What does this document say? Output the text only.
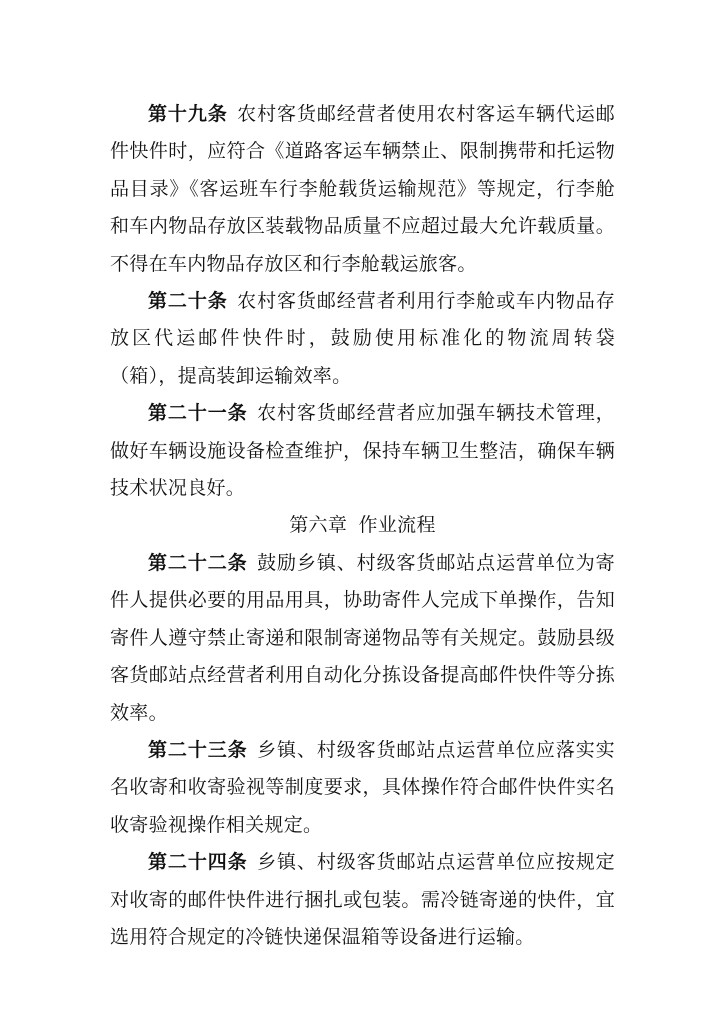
第十九条 农村客货邮经营者使用农村客运车辆代运邮件快件时，应符合《道路客运车辆禁止、限制携带和托运物品目录》《客运班车行李舱载货运输规范》等规定，行李舱和车内物品存放区装载物品质量不应超过最大允许载质量。不得在车内物品存放区和行李舱载运旅客。

第二十条 农村客货邮经营者利用行李舱或车内物品存放区代运邮件快件时，鼓励使用标准化的物流周转袋（箱），提高装卸运输效率。

第二十一条 农村客货邮经营者应加强车辆技术管理，做好车辆设施设备检查维护，保持车辆卫生整洁，确保车辆技术状况良好。

第六章 作业流程

第二十二条 鼓励乡镇、村级客货邮站点运营单位为寄件人提供必要的用品用具，协助寄件人完成下单操作，告知寄件人遵守禁止寄递和限制寄递物品等有关规定。鼓励县级客货邮站点经营者利用自动化分拣设备提高邮件快件等分拣效率。

第二十三条 乡镇、村级客货邮站点运营单位应落实实名收寄和收寄验视等制度要求，具体操作符合邮件快件实名收寄验视操作相关规定。

第二十四条 乡镇、村级客货邮站点运营单位应按规定对收寄的邮件快件进行捆扎或包装。需冷链寄递的快件，宜选用符合规定的冷链快递保温箱等设备进行运输。
